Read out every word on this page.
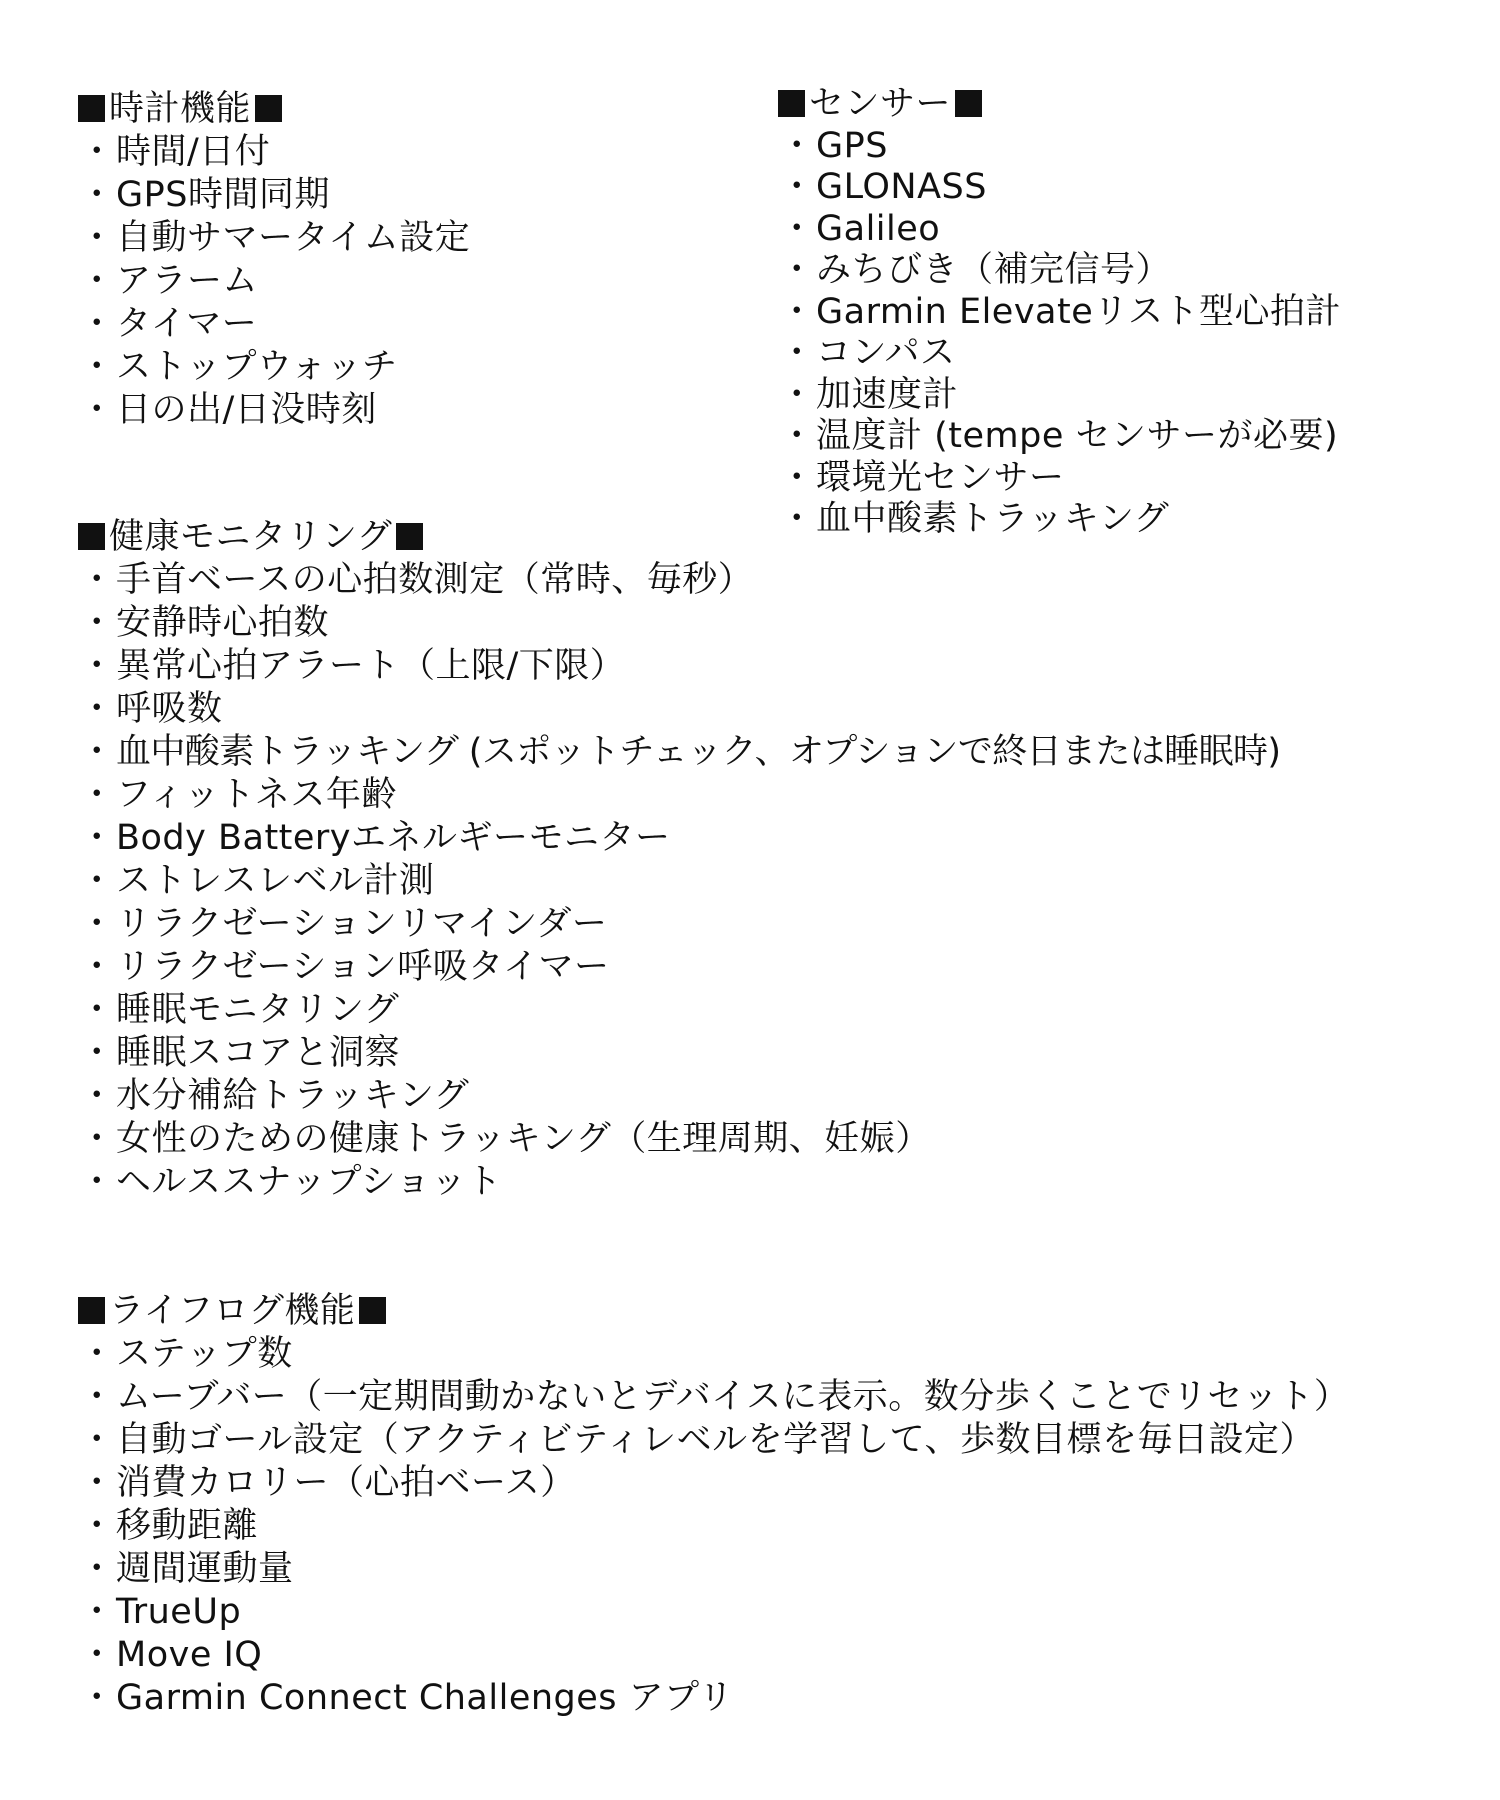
時計機能
・時間/日付
・GPS時間同期
・自動サマータイム設定
・アラーム
・タイマー
・ストップウォッチ
・日の出/日没時刻
センサー
・GPS
・GLONASS
・Galileo
・みちびき（補完信号）
・Garmin Elevateリスト型心拍計
・コンパス
・加速度計
・温度計 (tempe センサーが必要)
・環境光センサー
・血中酸素トラッキング
健康モニタリング
・手首ベースの心拍数測定（常時、毎秒）
・安静時心拍数
・異常心拍アラート（上限/下限）
・呼吸数
・血中酸素トラッキング (スポットチェック、オプションで終日または睡眠時)
・フィットネス年齢
・Body Batteryエネルギーモニター
・ストレスレベル計測
・リラクゼーションリマインダー
・リラクゼーション呼吸タイマー
・睡眠モニタリング
・睡眠スコアと洞察
・水分補給トラッキング
・女性のための健康トラッキング（生理周期、妊娠）
・ヘルススナップショット
ライフログ機能
・ステップ数
・ムーブバー（一定期間動かないとデバイスに表示。数分歩くことでリセット）
・自動ゴール設定（アクティビティレベルを学習して、歩数目標を毎日設定）
・消費カロリー（心拍ベース）
・移動距離
・週間運動量
・TrueUp
・Move IQ
・Garmin Connect Challenges アプリ
